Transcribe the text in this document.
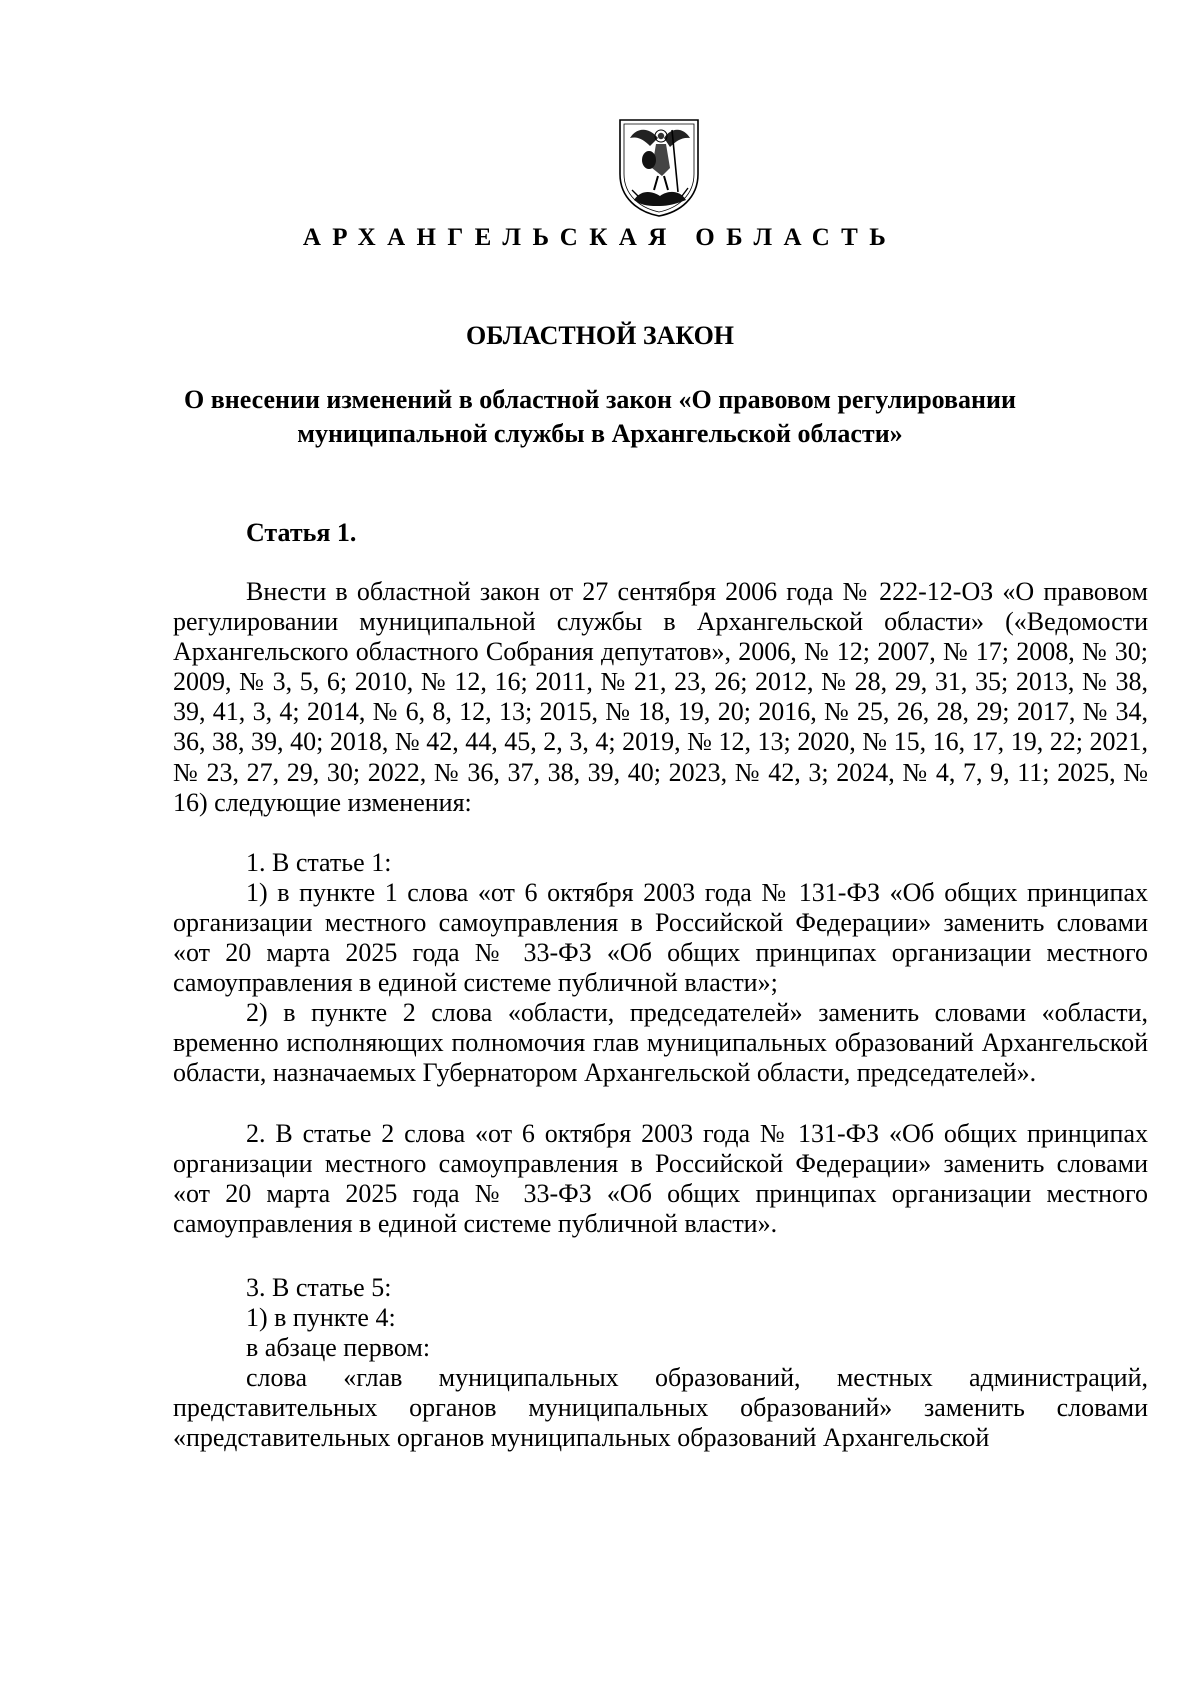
АРХАНГЕЛЬСКАЯ ОБЛАСТЬ
ОБЛАСТНОЙ ЗАКОН
О внесении изменений в областной закон «О правовом регулировании
муниципальной службы в Архангельской области»
Статья 1.

Внести в областной закон от 27 сентября 2006 года № 222-12-ОЗ «О правовом регулировании муниципальной службы в Архангельской области» («Ведомости Архангельского областного Собрания депутатов», 2006, № 12; 2007, № 17; 2008, № 30; 2009, № 3, 5, 6; 2010, № 12, 16; 2011, № 21, 23, 26; 2012, № 28, 29, 31, 35; 2013, № 38, 39, 41, 3, 4; 2014, № 6, 8, 12, 13; 2015, № 18, 19, 20; 2016, № 25, 26, 28, 29; 2017, № 34, 36, 38, 39, 40; 2018, № 42, 44, 45, 2, 3, 4; 2019, № 12, 13; 2020, № 15, 16, 17, 19, 22; 2021, № 23, 27, 29, 30; 2022, № 36, 37, 38, 39, 40; 2023, № 42, 3; 2024, № 4, 7, 9, 11; 2025, № 16) следующие изменения:

1. В статье 1:

1) в пункте 1 слова «от 6 октября 2003 года № 131-ФЗ «Об общих принципах организации местного самоуправления в Российской Федерации» заменить словами «от 20 марта 2025 года № 33-ФЗ «Об общих принципах организации местного самоуправления в единой системе публичной власти»;

2) в пункте 2 слова «области, председателей» заменить словами «области, временно исполняющих полномочия глав муниципальных образований Архангельской области, назначаемых Губернатором Архангельской области, председателей».

2. В статье 2 слова «от 6 октября 2003 года № 131-ФЗ «Об общих принципах организации местного самоуправления в Российской Федерации» заменить словами «от 20 марта 2025 года № 33-ФЗ «Об общих принципах организации местного самоуправления в единой системе публичной власти».

3. В статье 5:

1) в пункте 4:

в абзаце первом:

слова «глав муниципальных образований, местных администраций, представительных органов муниципальных образований» заменить словами «представительных органов муниципальных образований Архангельской
